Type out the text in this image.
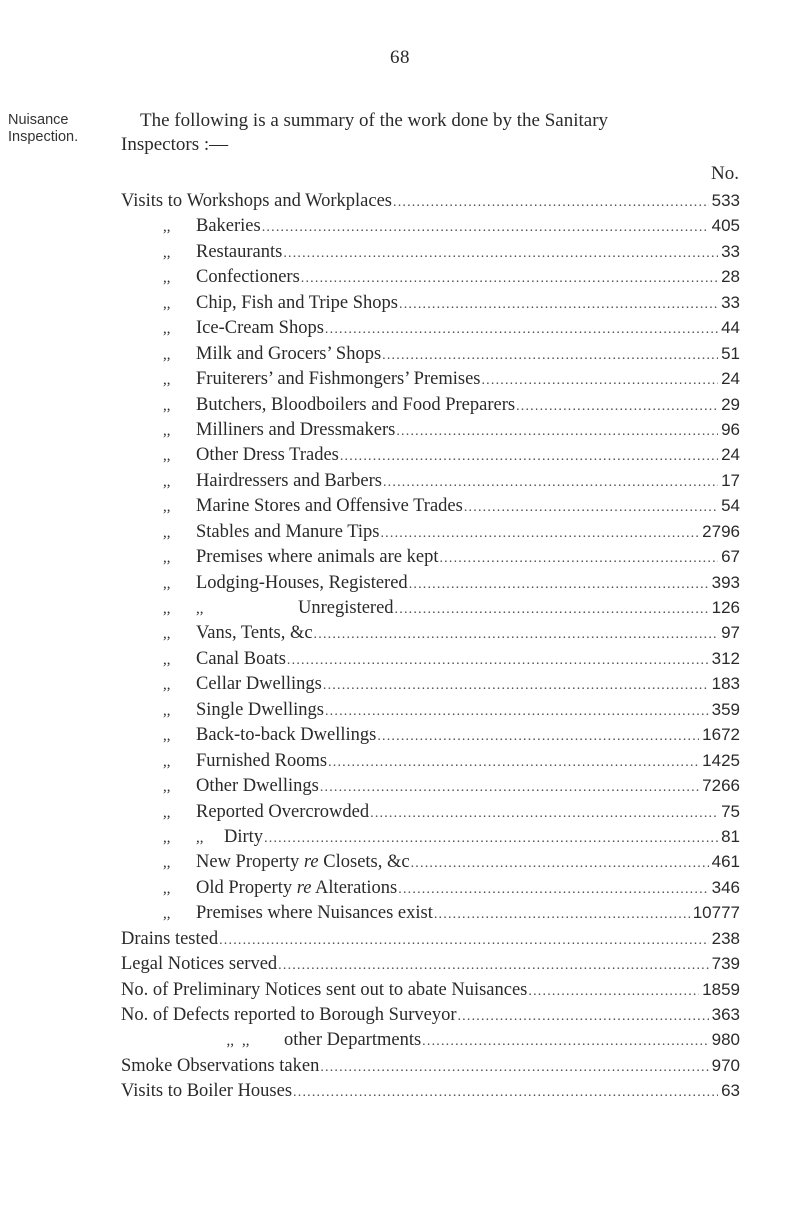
68
Nuisance
Inspection.
The following is a summary of the work done by the Sanitary
Inspectors :—
No.
Visits to Workshops and Workplaces .....	533
,,	Bakeries .....	405
,,	Restaurants .....	33
,,	Confectioners .....	28
,,	Chip, Fish and Tripe Shops .....	33
,,	Ice-Cream Shops .....	44
,,	Milk and Grocers’ Shops .....	51
,,	Fruiterers’ and Fishmongers’ Premises .....	24
,,	Butchers, Bloodboilers and Food Preparers .....	29
,,	Milliners and Dressmakers .....	96
,,	Other Dress Trades .....	24
,,	Hairdressers and Barbers .....	17
,,	Marine Stores and Offensive Trades .....	54
,,	Stables and Manure Tips .....	2796
,,	Premises where animals are kept .....	67
,,	Lodging-Houses, Registered .....	393
,,	,,	Unregistered .....	126
,,	Vans, Tents, &c .....	97
,,	Canal Boats .....	312
,,	Cellar Dwellings .....	183
,,	Single Dwellings .....	359
,,	Back-to-back Dwellings .....	1672
,,	Furnished Rooms .....	1425
,,	Other Dwellings .....	7266
,,	Reported Overcrowded .....	75
,,	,,	Dirty .....	81
,,	New Property re Closets, &c .....	461
,,	Old Property re Alterations .....	346
,,	Premises where Nuisances exist .....	10777
Drains tested .....	238
Legal Notices served .....	739
No. of Preliminary Notices sent out to abate Nuisances .....	1859
No. of Defects reported to Borough Surveyor .....	363
,, ,,	other Departments .....	980
Smoke Observations taken .....	970
Visits to Boiler Houses .....	63
